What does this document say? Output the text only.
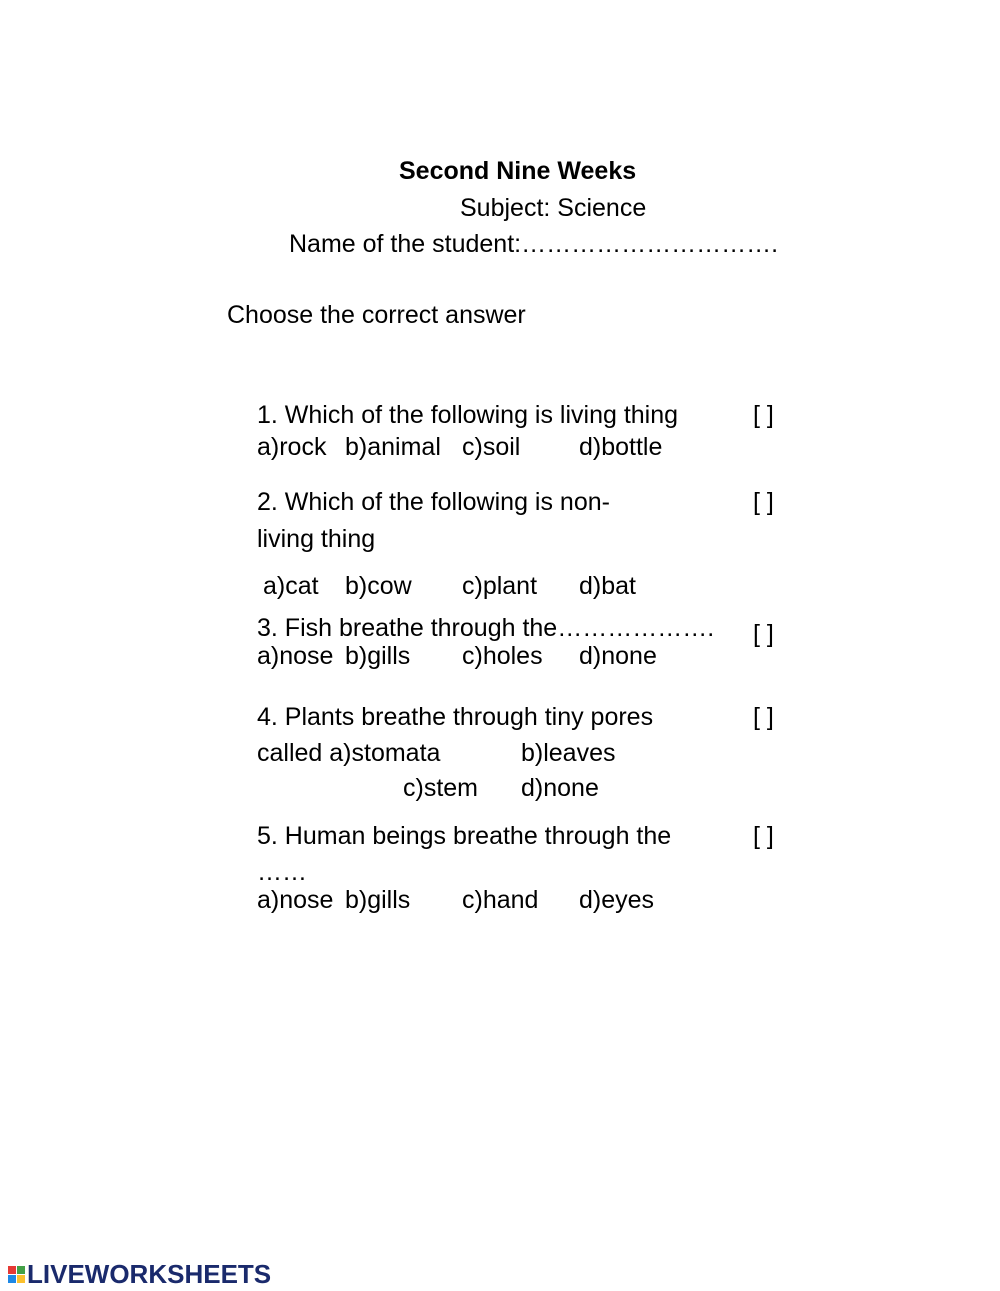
Second Nine Weeks
Subject: Science
Name of the student:………………………….
Choose the correct answer
1. Which of the following is living thing	[ ]
a)rock b)animal c)soil d)bottle
2. Which of the following is non-	[ ]
living thing
a)cat b)cow c)plant d)bat
3. Fish breathe through the………………. [ ]
a)nose b)gills c)holes d)none
4. Plants breathe through tiny pores	[ ]
called a)stomata	b)leaves
c)stem d)none
5. Human beings breathe through the	[ ]
……
a)nose b)gills c)hand d)eyes
LIVEWORKSHEETS
